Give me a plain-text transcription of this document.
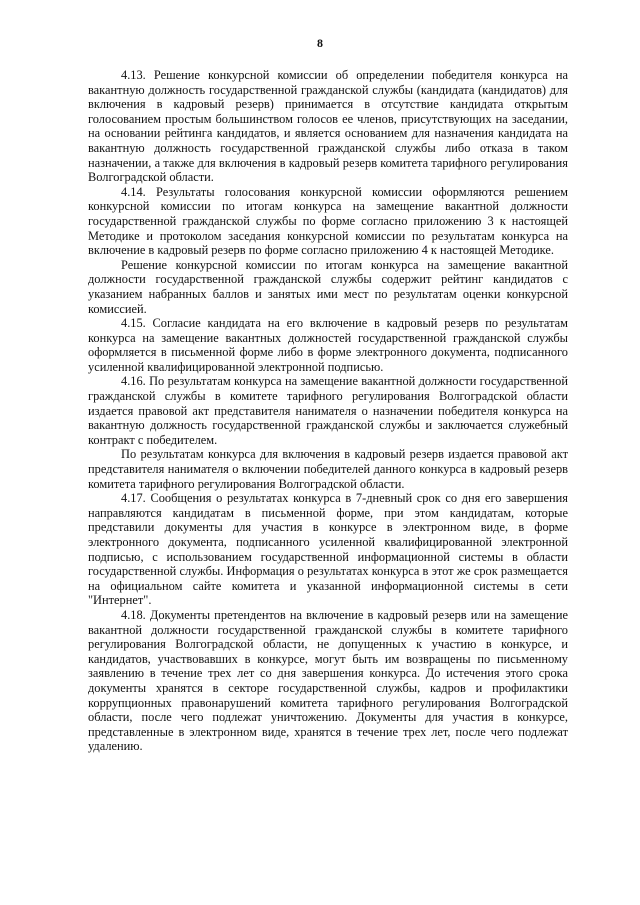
8

4.13. Решение конкурсной комиссии об определении победителя конкурса на вакантную должность государственной гражданской службы (кандидата (кандидатов) для включения в кадровый резерв) принимается в отсутствие кандидата открытым голосованием простым большинством голосов ее членов, присутствующих на заседании, на основании рейтинга кандидатов, и является основанием для назначения кандидата на вакантную должность государственной гражданской службы либо отказа в таком назначении, а также для включения в кадровый резерв комитета тарифного регулирования Волгоградской области.

4.14. Результаты голосования конкурсной комиссии оформляются решением конкурсной комиссии по итогам конкурса на замещение вакантной должности государственной гражданской службы по форме согласно приложению 3 к настоящей Методике и протоколом заседания конкурсной комиссии по результатам конкурса на включение в кадровый резерв по форме согласно приложению 4 к настоящей Методике.

Решение конкурсной комиссии по итогам конкурса на замещение вакантной должности государственной гражданской службы содержит рейтинг кандидатов с указанием набранных баллов и занятых ими мест по результатам оценки конкурсной комиссией.

4.15. Согласие кандидата на его включение в кадровый резерв по результатам конкурса на замещение вакантных должностей государственной гражданской службы оформляется в письменной форме либо в форме электронного документа, подписанного усиленной квалифицированной электронной подписью.

4.16. По результатам конкурса на замещение вакантной должности государственной гражданской службы в комитете тарифного регулирования Волгоградской области издается правовой акт представителя нанимателя о назначении победителя конкурса на вакантную должность государственной гражданской службы и заключается служебный контракт с победителем.

По результатам конкурса для включения в кадровый резерв издается правовой акт представителя нанимателя о включении победителей данного конкурса в кадровый резерв комитета тарифного регулирования Волгоградской области.

4.17. Сообщения о результатах конкурса в 7-дневный срок со дня его завершения направляются кандидатам в письменной форме, при этом кандидатам, которые представили документы для участия в конкурсе в электронном виде, в форме электронного документа, подписанного усиленной квалифицированной электронной подписью, с использованием государственной информационной системы в области государственной службы. Информация о результатах конкурса в этот же срок размещается на официальном сайте комитета и указанной информационной системы в сети "Интернет".

4.18. Документы претендентов на включение в кадровый резерв или на замещение вакантной должности государственной гражданской службы в комитете тарифного регулирования Волгоградской области, не допущенных к участию в конкурсе, и кандидатов, участвовавших в конкурсе, могут быть им возвращены по письменному заявлению в течение трех лет со дня завершения конкурса. До истечения этого срока документы хранятся в секторе государственной службы, кадров и профилактики коррупционных правонарушений комитета тарифного регулирования Волгоградской области, после чего подлежат уничтожению. Документы для участия в конкурсе, представленные в электронном виде, хранятся в течение трех лет, после чего подлежат удалению.
